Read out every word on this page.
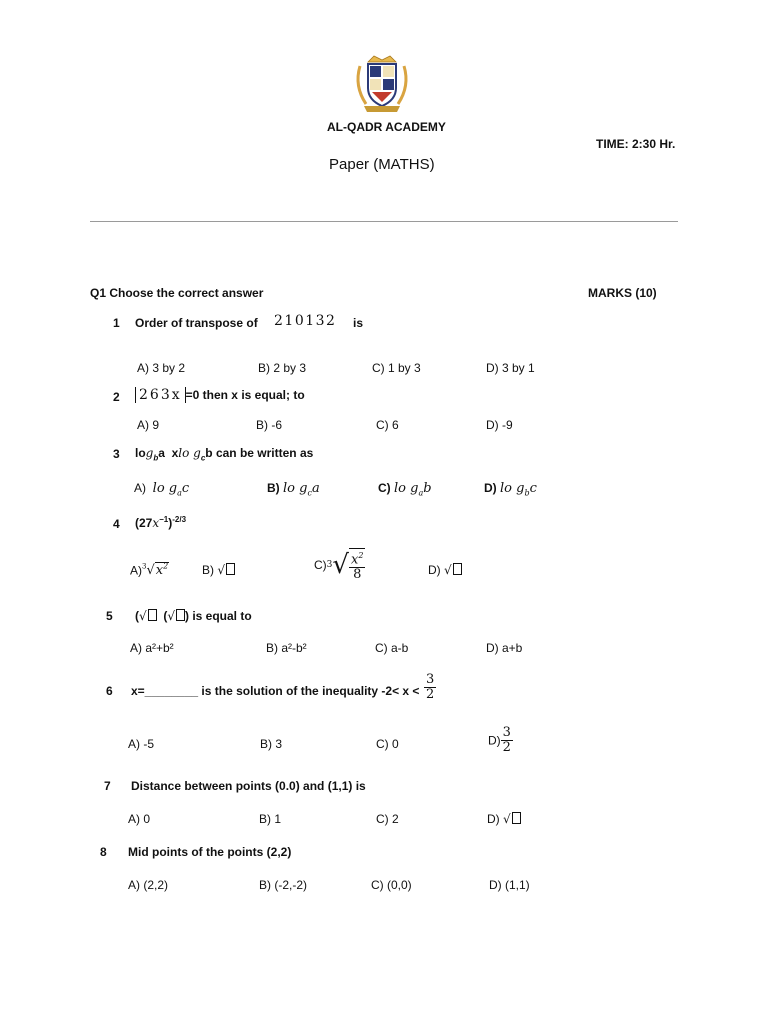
AL-QADR ACADEMY
TIME: 2:30 Hr.
Paper (MATHS)
Q1 Choose the correct answer	MARKS (10)
1 Order of transpose of 210132 is
A) 3 by 2	B) 2 by 3	C) 1 by 3	D) 3 by 1
2 263x =0 then x is equal; to
A) 9	B) -6	C) 6	D) -9
3 $\log_ba$  xlo $g_cb$ can be written as
A) lo $g_ac$	B) lo $g_ca$	C) lo $g_ab$	D) lo $g_bc$
4 $(27x^{-1})^{-2/3}$
$A)^3√x^2$	B) √	$C)3√ \frac{x^2}{8}$	D) √
5 (√  (√ ) is equal to
A) a²+b²	B) a²-b²	C) a-b	D) a+b
6 x=________ is the solution of the inequality $-2< x < \frac{3}{2}$
A) -5	B) 3	C) 0	$D) \frac{3}{2}$
7 Distance between points (0.0) and (1,1) is
A) 0	B) 1	C) 2	D) √
8 Mid points of the points (2,2)
A) (2,2)	B) (-2,-2)	C) (0,0)	D) (1,1)
